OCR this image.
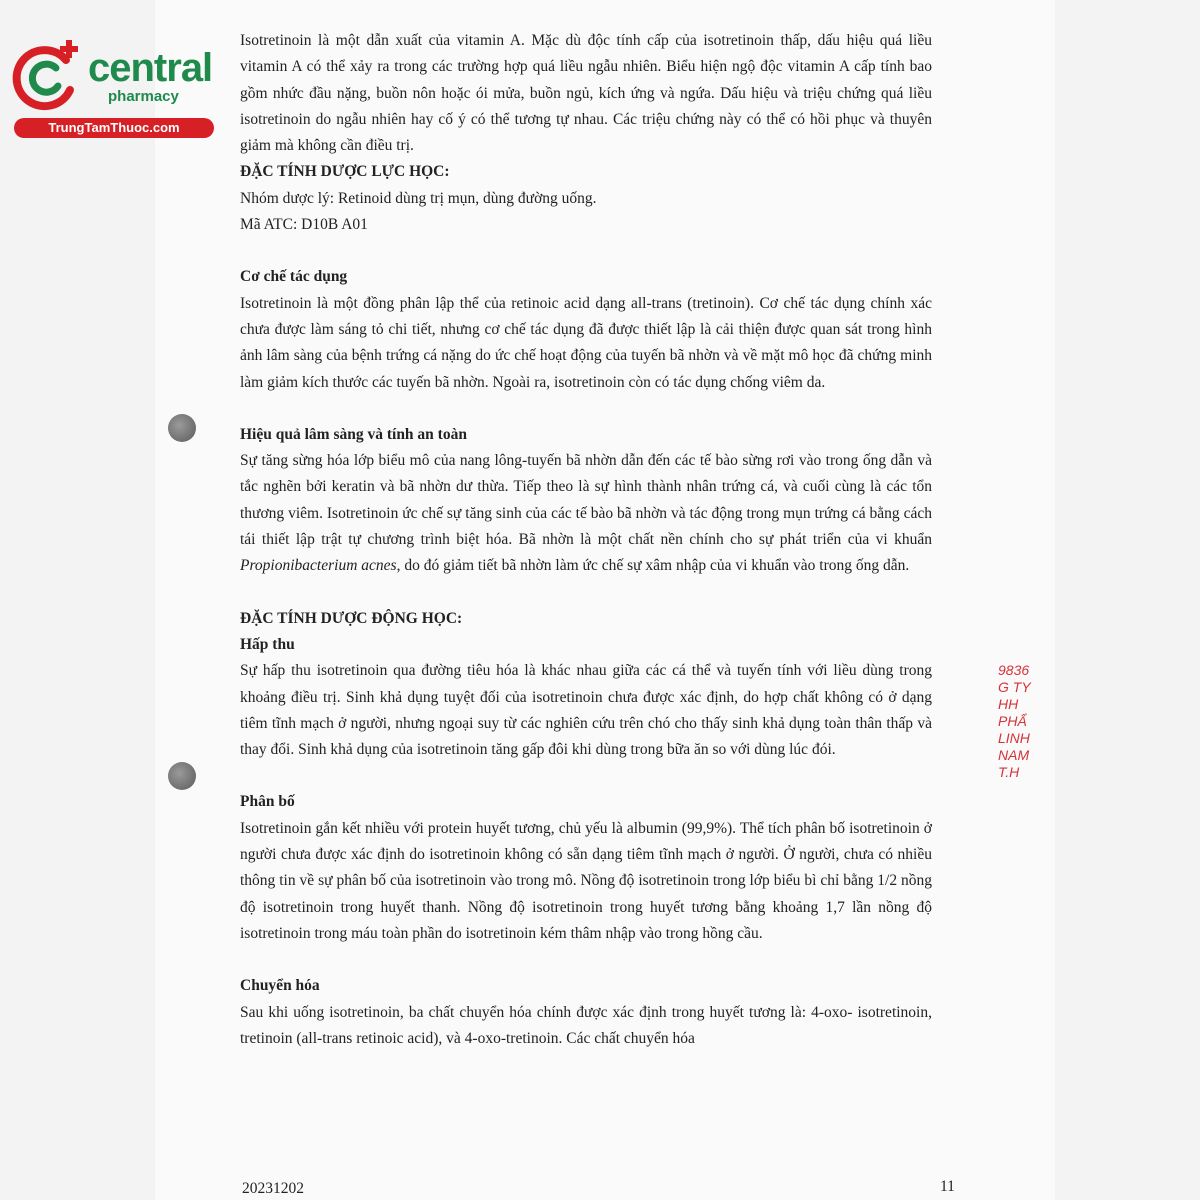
central
pharmacy
TrungTamThuoc.com

Isotretinoin là một dẫn xuất của vitamin A. Mặc dù độc tính cấp của isotretinoin thấp, dấu hiệu quá liều vitamin A có thể xảy ra trong các trường hợp quá liều ngẫu nhiên. Biểu hiện ngộ độc vitamin A cấp tính bao gồm nhức đầu nặng, buồn nôn hoặc ói mửa, buồn ngủ, kích ứng và ngứa. Dấu hiệu và triệu chứng quá liều isotretinoin do ngẫu nhiên hay cố ý có thể tương tự nhau. Các triệu chứng này có thể có hồi phục và thuyên giảm mà không cần điều trị.

ĐẶC TÍNH DƯỢC LỰC HỌC:

Nhóm dược lý: Retinoid dùng trị mụn, dùng đường uống.

Mã ATC: D10B A01

Cơ chế tác dụng

Isotretinoin là một đồng phân lập thể của retinoic acid dạng all-trans (tretinoin). Cơ chế tác dụng chính xác chưa được làm sáng tỏ chi tiết, nhưng cơ chế tác dụng đã được thiết lập là cải thiện được quan sát trong hình ảnh lâm sàng của bệnh trứng cá nặng do ức chế hoạt động của tuyến bã nhờn và về mặt mô học đã chứng minh làm giảm kích thước các tuyến bã nhờn. Ngoài ra, isotretinoin còn có tác dụng chống viêm da.

Hiệu quả lâm sàng và tính an toàn

Sự tăng sừng hóa lớp biểu mô của nang lông-tuyến bã nhờn dẫn đến các tế bào sừng rơi vào trong ống dẫn và tắc nghẽn bởi keratin và bã nhờn dư thừa. Tiếp theo là sự hình thành nhân trứng cá, và cuối cùng là các tổn thương viêm. Isotretinoin ức chế sự tăng sinh của các tế bào bã nhờn và tác động trong mụn trứng cá bằng cách tái thiết lập trật tự chương trình biệt hóa. Bã nhờn là một chất nền chính cho sự phát triển của vi khuẩn Propionibacterium acnes, do đó giảm tiết bã nhờn làm ức chế sự xâm nhập của vi khuẩn vào trong ống dẫn.

ĐẶC TÍNH DƯỢC ĐỘNG HỌC:

Hấp thu

Sự hấp thu isotretinoin qua đường tiêu hóa là khác nhau giữa các cá thể và tuyến tính với liều dùng trong khoảng điều trị. Sinh khả dụng tuyệt đối của isotretinoin chưa được xác định, do hợp chất không có ở dạng tiêm tĩnh mạch ở người, nhưng ngoại suy từ các nghiên cứu trên chó cho thấy sinh khả dụng toàn thân thấp và thay đổi. Sinh khả dụng của isotretinoin tăng gấp đôi khi dùng trong bữa ăn so với dùng lúc đói.

Phân bố

Isotretinoin gắn kết nhiều với protein huyết tương, chủ yếu là albumin (99,9%). Thể tích phân bố isotretinoin ở người chưa được xác định do isotretinoin không có sẵn dạng tiêm tĩnh mạch ở người. Ở người, chưa có nhiều thông tin về sự phân bố của isotretinoin vào trong mô. Nồng độ isotretinoin trong lớp biểu bì chỉ bằng 1/2 nồng độ isotretinoin trong huyết thanh. Nồng độ isotretinoin trong huyết tương bằng khoảng 1,7 lần nồng độ isotretinoin trong máu toàn phần do isotretinoin kém thâm nhập vào trong hồng cầu.

Chuyển hóa

Sau khi uống isotretinoin, ba chất chuyển hóa chính được xác định trong huyết tương là: 4-oxo- isotretinoin, tretinoin (all-trans retinoic acid), và 4-oxo-tretinoin. Các chất chuyển hóa

9836
G TY
HH
PHẨ
LINH
NAM
T.H
20231202	11
